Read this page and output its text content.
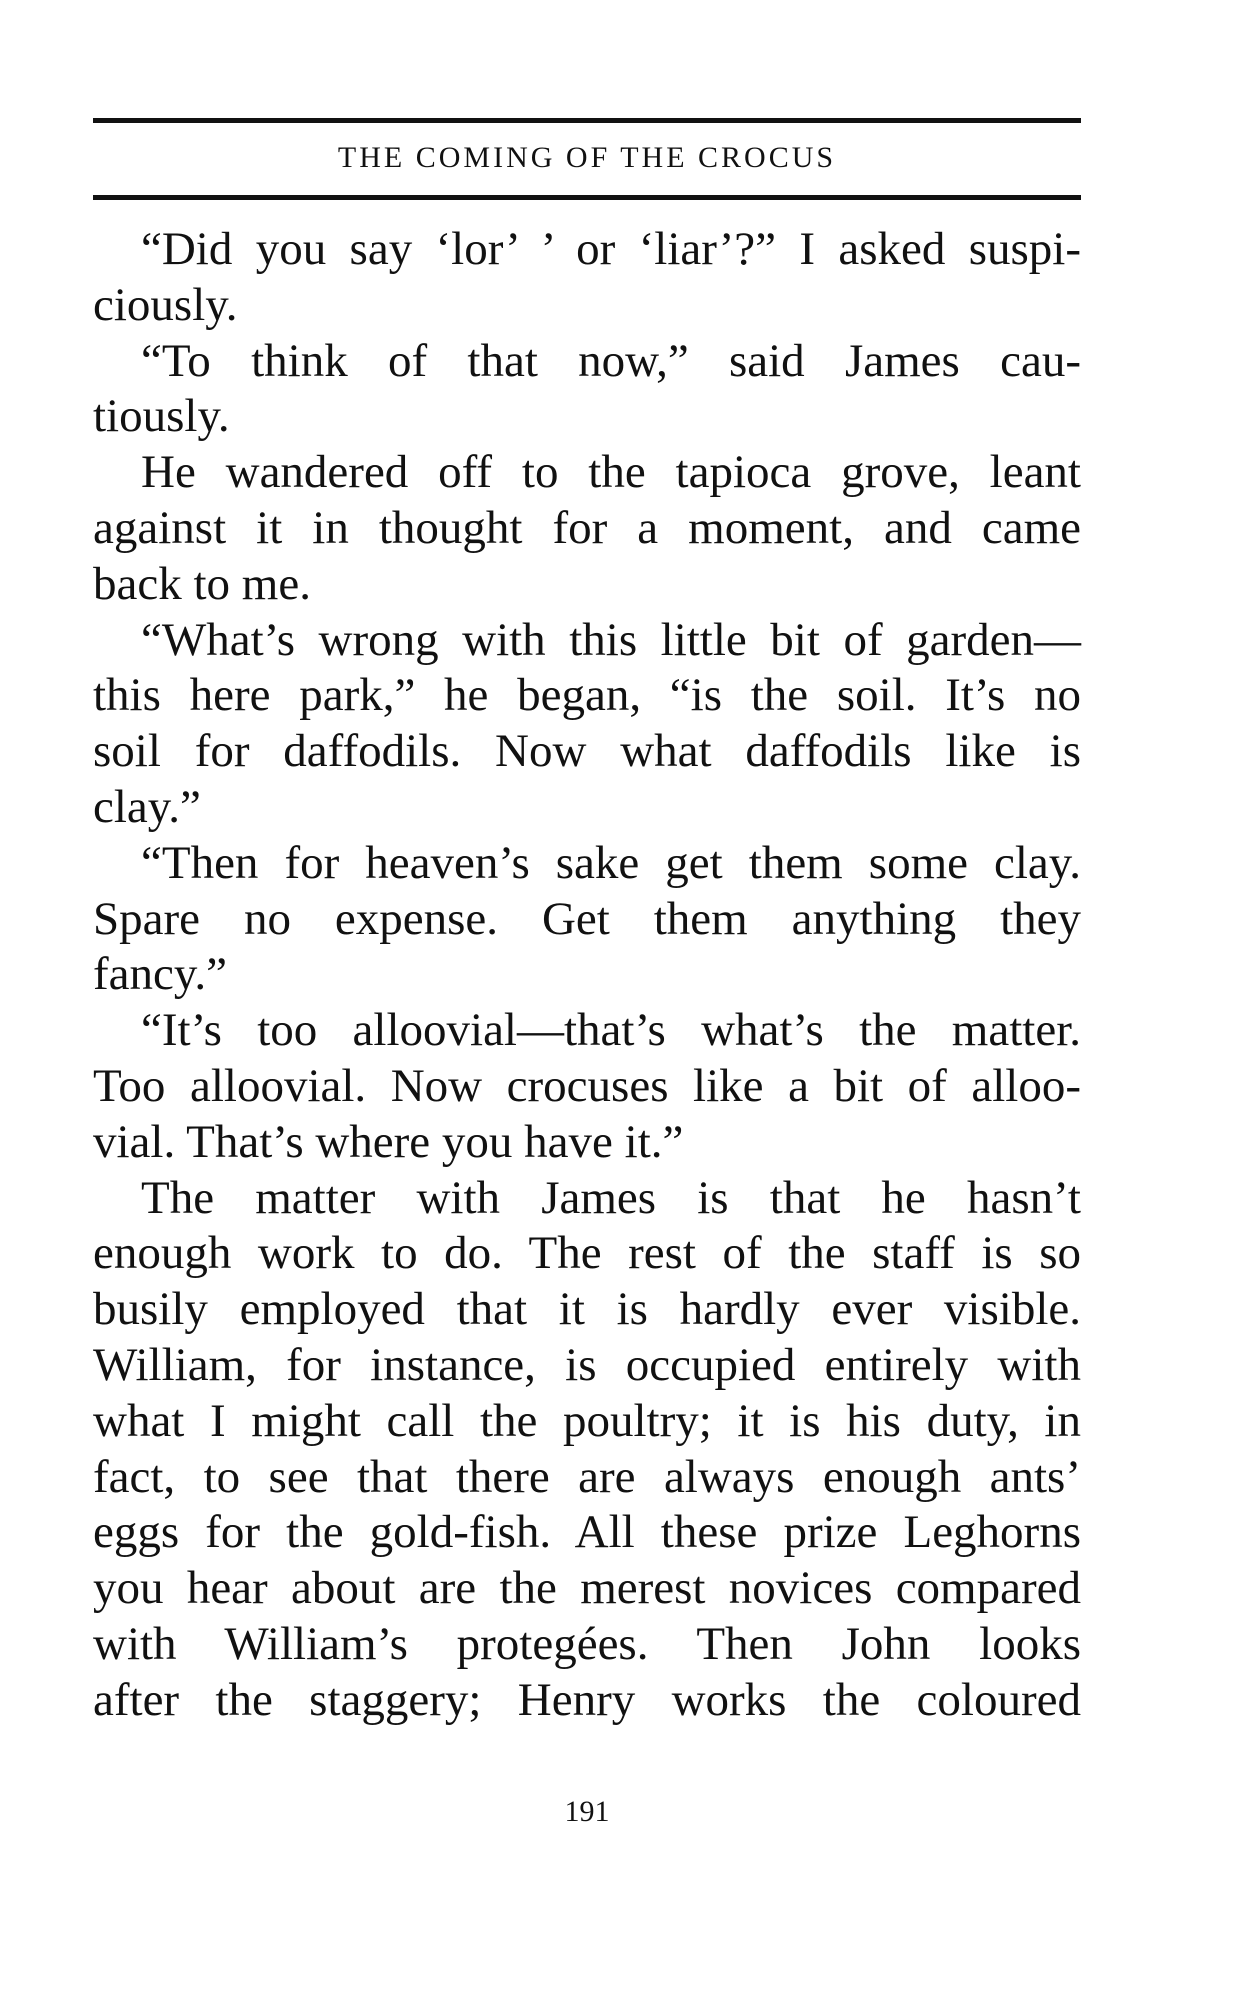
THE COMING OF THE CROCUS
“Did you say ‘lor’ ’ or ‘liar’?” I asked suspi-
ciously.
“To think of that now,” said James cau-
tiously.
He wandered off to the tapioca grove, leant
against it in thought for a moment, and came
back to me.
“What’s wrong with this little bit of garden—
this here park,” he began, “is the soil. It’s no
soil for daffodils. Now what daffodils like is
clay.”
“Then for heaven’s sake get them some clay.
Spare no expense. Get them anything they
fancy.”
“It’s too alloovial—that’s what’s the matter.
Too alloovial. Now crocuses like a bit of alloo-
vial. That’s where you have it.”
The matter with James is that he hasn’t
enough work to do. The rest of the staff is so
busily employed that it is hardly ever visible.
William, for instance, is occupied entirely with
what I might call the poultry; it is his duty, in
fact, to see that there are always enough ants’
eggs for the gold-fish. All these prize Leghorns
you hear about are the merest novices compared
with William’s protegées. Then John looks
after the staggery; Henry works the coloured
191
